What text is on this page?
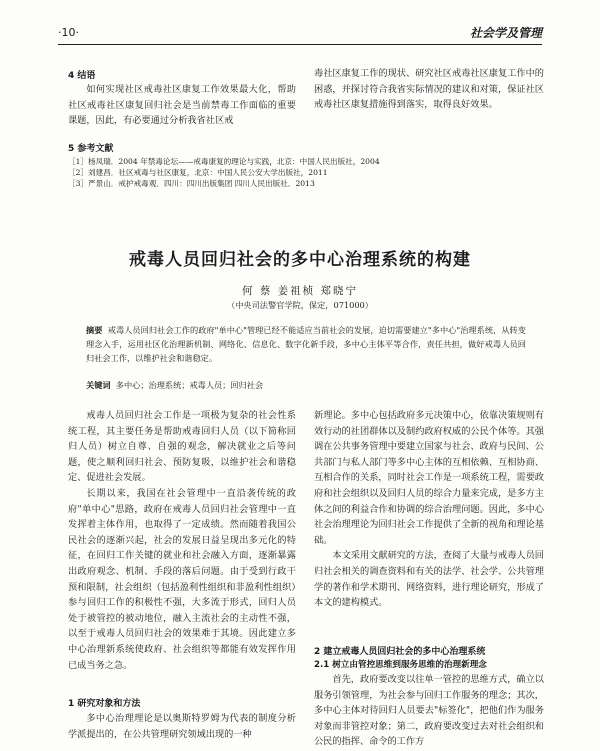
·10·	社会学及管理
4 结语

如何实现社区戒毒社区康复工作效果最大化，帮助社区戒毒社区康复回归社会是当前禁毒工作面临的重要课题，因此，有必要通过分析我省社区戒

毒社区康复工作的现状、研究社区戒毒社区康复工作中的困惑，并探讨符合我省实际情况的建议和对策，保证社区戒毒社区康复措施得到落实，取得良好效果。

5 参考文献
［1］杨凤瑞．2004 年禁毒论坛——戒毒康复的理论与实践，北京：中国人民出版社，2004
［2］刘建昌．社区戒毒与社区康复，北京：中国人民公安大学出版社，2011
［3］严景山．戒护戒毒观．四川：四川出版集团 四川人民出版社．2013
戒毒人员回归社会的多中心治理系统的构建
何 蔡 姜祖桢 郑晓宁
（中央司法警官学院，保定，071000）
摘要 戒毒人员回归社会工作的政府"单中心"管理已经不能适应当前社会的发展，迫切需要建立"多中心"治理系统，从转变理念入手，运用社区化治理新机制、网络化、信息化、数字化新手段，多中心主体平等合作，责任共担，做好戒毒人员回归社会工作，以维护社会和谐稳定。
关键词 多中心；治理系统；戒毒人员；回归社会

戒毒人员回归社会工作是一项极为复杂的社会性系统工程，其主要任务是帮助戒毒回归人员（以下简称回归人员）树立自尊、自强的观念，解决就业之后等问题，使之顺利回归社会、预防复吸，以维护社会和谐稳定、促进社会发展。

长期以来，我国在社会管理中一直沿袭传统的政府"单中心"思路，政府在戒毒人员回归社会管理中一直发挥着主体作用，也取得了一定成绩。然而随着我国公民社会的逐渐兴起，社会的发展日益呈现出多元化的特征，在回归工作关键的就业和社会融入方面，逐渐暴露出政府观念、机制、手段的落后问题。由于受到行政干预和限制，社会组织（包括盈利性组织和非盈利性组织）参与回归工作的积极性不强，大多流于形式，回归人员处于被管控的被动地位，融入主流社会的主动性不强，以至于戒毒人员回归社会的效果难于其境。因此建立多中心治理新系统使政府、社会组织等都能有效发挥作用已成当务之急。

1 研究对象和方法

多中心治理理论是以奥斯特罗姆为代表的制度分析学派提出的，在公共管理研究领域出现的一种

新理论。多中心包括政府多元决策中心，依靠决策规则有效行动的社团群体以及制约政府权威的公民个体等。其强调在公共事务管理中要建立国家与社会、政府与民间、公共部门与私人部门等多中心主体的互相依赖、互相协商、互相合作的关系，同时社会工作是一项系统工程，需要政府和社会组织以及回归人员的综合力量来完成，是多方主体之间的利益合作和协调的综合治理问题。因此，多中心社会治理理论为回归社会工作提供了全新的视角和理论基础。

本文采用文献研究的方法，查阅了大量与戒毒人员回归社会相关的调查资料和有关的法学、社会学、公共管理学的著作和学术期刊、网络资料，进行理论研究，形成了本文的建构模式。

2 建立戒毒人员回归社会的多中心治理系统
2.1 树立由管控思维到服务思维的治理新理念

首先，政府要改变以往单一管控的思维方式，确立以服务引领管理，为社会参与回归工作服务的理念；其次，多中心主体对待回归人员要去"标签化"，把他们作为服务对象而非管控对象；第二，政府要改变过去对社会组织和公民的指挥、命令的工作方
